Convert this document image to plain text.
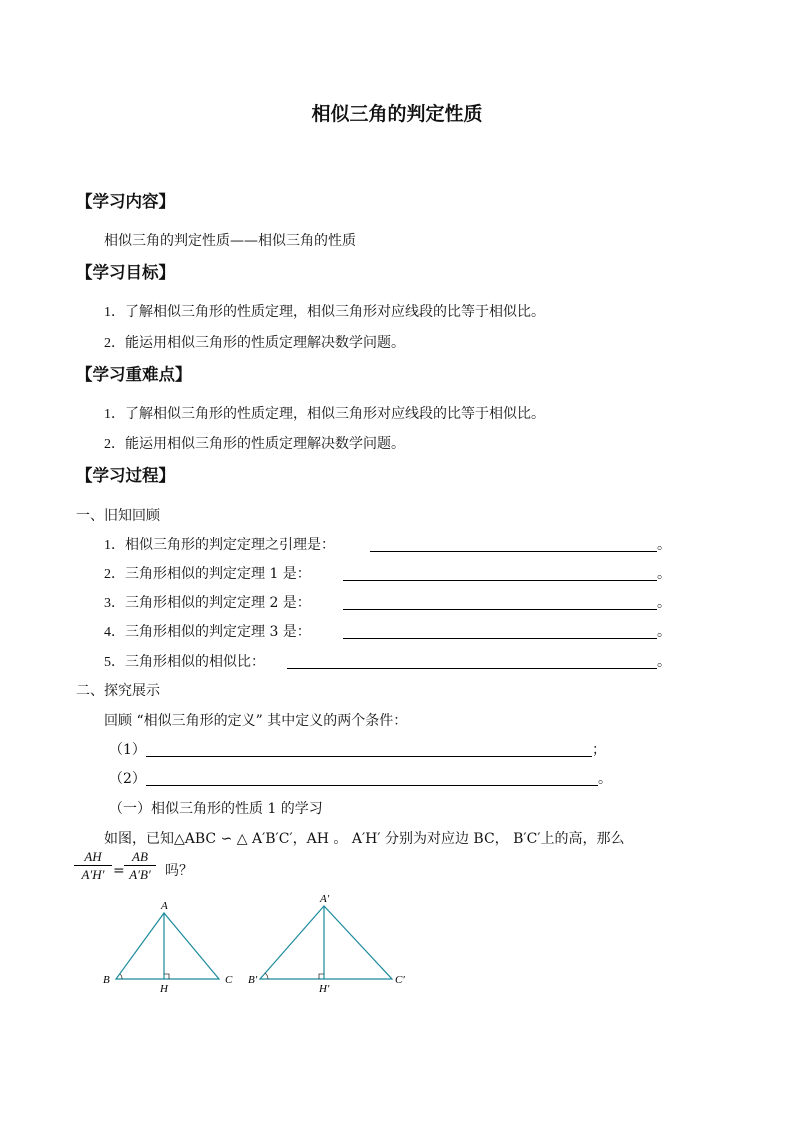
相似三角的判定性质
【学习内容】
相似三角的判定性质——相似三角的性质
【学习目标】
1．了解相似三角形的性质定理，相似三角形对应线段的比等于相似比。
2．能运用相似三角形的性质定理解决数学问题。
【学习重难点】
1．了解相似三角形的性质定理，相似三角形对应线段的比等于相似比。
2．能运用相似三角形的性质定理解决数学问题。
【学习过程】
一、旧知回顾
1．相似三角形的判定定理之引理是：	。
2．三角形相似的判定定理 1 是：	。
3．三角形相似的判定定理 2 是：	。
4．三角形相似的判定定理 3 是：	。
5．三角形相似的相似比：	。
二、探究展示
回顾 “相似三角形的定义” 其中定义的两个条件：
（1）	；
（2）	。
（一）相似三角形的性质 1 的学习
如图，已知△ABC ∽ △ A′B′C′，AH 。 A′H′ 分别为对应边 BC， B′C′上的高，那么
AH
A′H′ =
AB
A′B′	吗？
A
B	C
H
A′
B′	C′
H′
